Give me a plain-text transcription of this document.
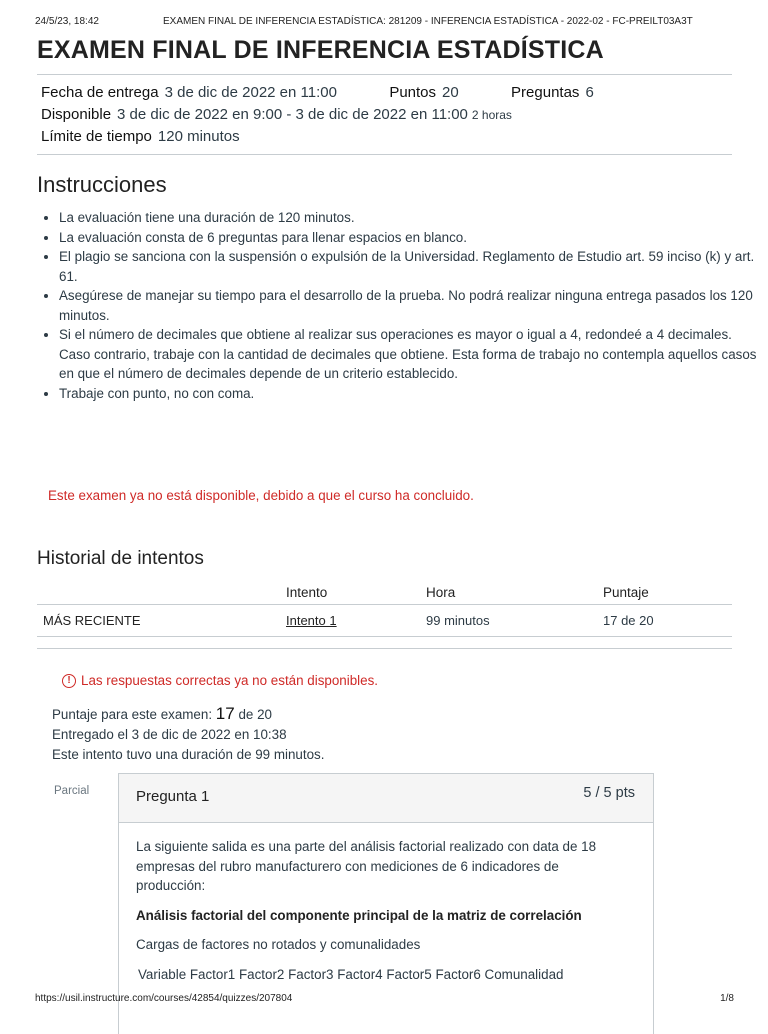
24/5/23, 18:42	EXAMEN FINAL DE INFERENCIA ESTADÍSTICA: 281209 - INFERENCIA ESTADÍSTICA - 2022-02 - FC-PREILT03A3T
EXAMEN FINAL DE INFERENCIA ESTADÍSTICA
Fecha de entrega 3 de dic de 2022 en 11:00	Puntos 20	Preguntas 6
Disponible 3 de dic de 2022 en 9:00 - 3 de dic de 2022 en 11:00 2 horas
Límite de tiempo 120 minutos
Instrucciones
• La evaluación tiene una duración de 120 minutos.
• La evaluación consta de 6 preguntas para llenar espacios en blanco.
• El plagio se sanciona con la suspensión o expulsión de la Universidad. Reglamento de Estudio art. 59 inciso (k) y art. 61.
• Asegúrese de manejar su tiempo para el desarrollo de la prueba. No podrá realizar ninguna entrega pasados los 120 minutos.
• Si el número de decimales que obtiene al realizar sus operaciones es mayor o igual a 4, redondeé a 4 decimales. Caso contrario, trabaje con la cantidad de decimales que obtiene. Esta forma de trabajo no contempla aquellos casos en que el número de decimales depende de un criterio establecido.
• Trabaje con punto, no con coma.
Este examen ya no está disponible, debido a que el curso ha concluido.
Historial de intentos
	Intento	Hora	Puntaje
MÁS RECIENTE	Intento 1	99 minutos	17 de 20
! Las respuestas correctas ya no están disponibles.
Puntaje para este examen: 17 de 20
Entregado el 3 de dic de 2022 en 10:38
Este intento tuvo una duración de 99 minutos.
Parcial	Pregunta 1	5 / 5 pts

La siguiente salida es una parte del análisis factorial realizado con data de 18 empresas del rubro manufacturero con mediciones de 6 indicadores de producción:

Análisis factorial del componente principal de la matriz de correlación

Cargas de factores no rotados y comunalidades

Variable Factor1 Factor2 Factor3 Factor4 Factor5 Factor6 Comunalidad

https://usil.instructure.com/courses/42854/quizzes/207804	1/8
